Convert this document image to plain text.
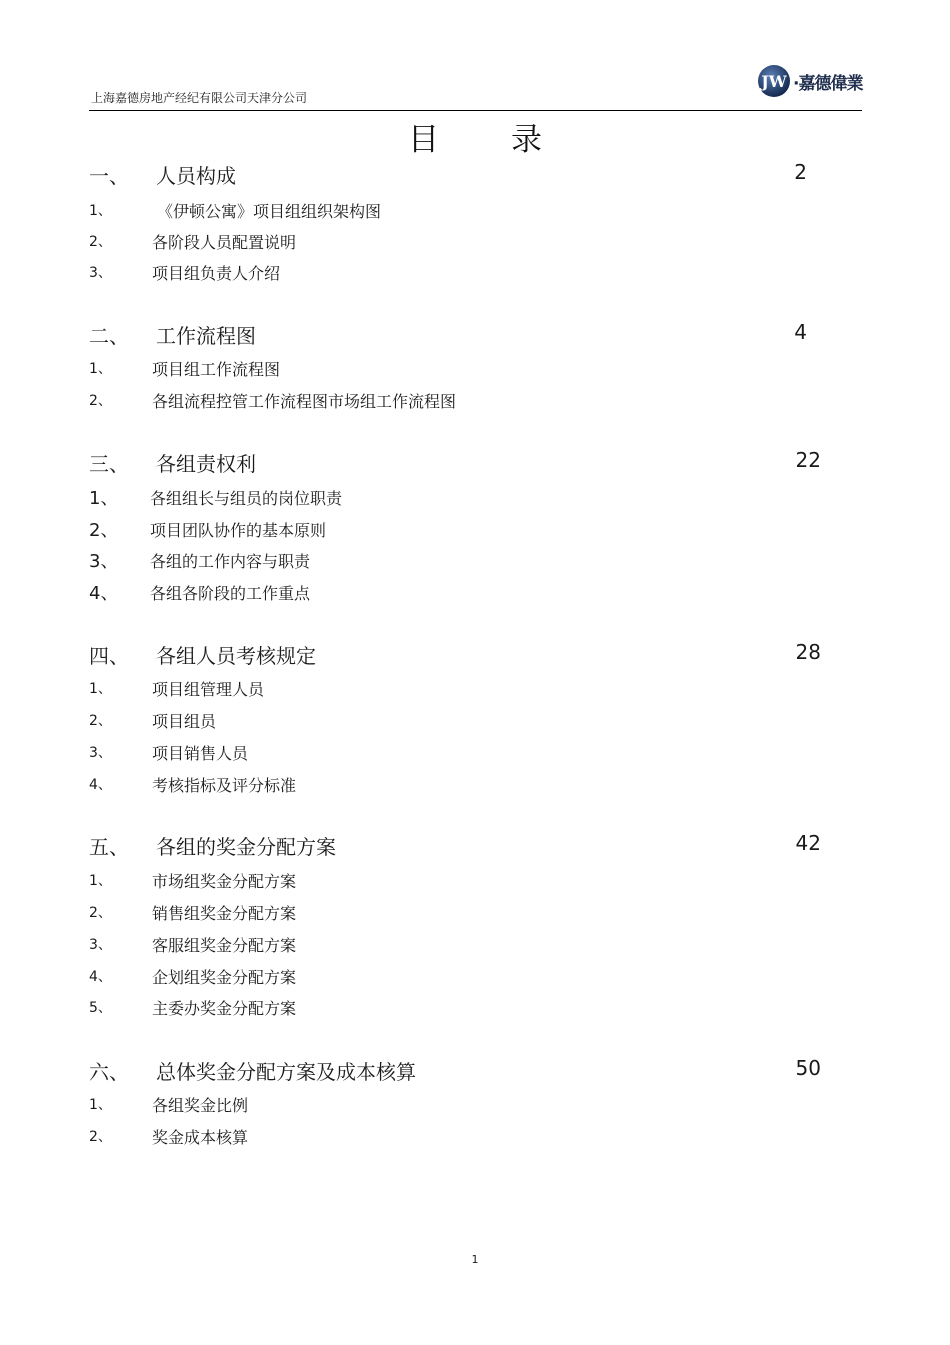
上海嘉德房地产经纪有限公司天津分公司
JW ·嘉德偉業
目录
一、 人员构成	2
1、	《伊顿公寓》项目组组织架构图
2、	各阶段人员配置说明
3、	项目组负责人介绍
二、 工作流程图	4
1、	项目组工作流程图
2、	各组流程控管工作流程图市场组工作流程图
三、 各组责权利	22
1、 各组组长与组员的岗位职责
2、 项目团队协作的基本原则
3、 各组的工作内容与职责
4、 各组各阶段的工作重点
四、 各组人员考核规定	28
1、	项目组管理人员
2、	项目组员
3、	项目销售人员
4、	考核指标及评分标准
五、 各组的奖金分配方案	42
1、	市场组奖金分配方案
2、	销售组奖金分配方案
3、	客服组奖金分配方案
4、	企划组奖金分配方案
5、	主委办奖金分配方案
六、 总体奖金分配方案及成本核算	50
1、	各组奖金比例
2、	奖金成本核算
1
